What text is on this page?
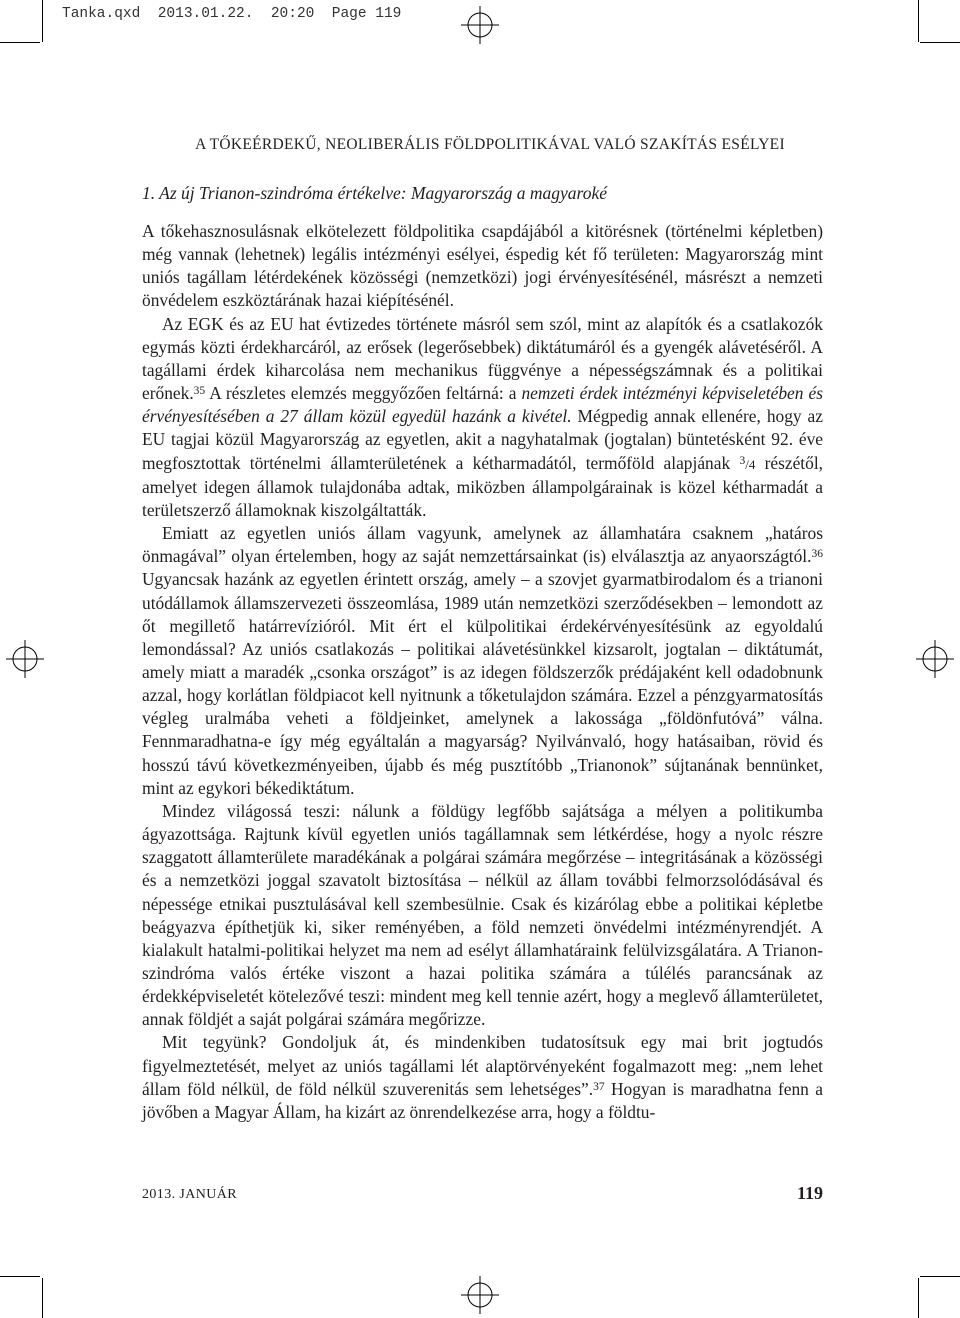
Tanka.qxd  2013.01.22.  20:20  Page 119
A TŐKEÉRDEKŰ, NEOLIBERÁLIS FÖLDPOLITIKÁVAL VALÓ SZAKÍTÁS ESÉLYEI
1. Az új Trianon-szindróma értékelve: Magyarország a magyaroké

A tőkehasznosulásnak elkötelezett földpolitika csapdájából a kitörésnek (történelmi képletben) még vannak (lehetnek) legális intézményi esélyei, éspedig két fő területen: Magyarország mint uniós tagállam létérdekének közösségi (nemzetközi) jogi érvényesítésénél, másrészt a nemzeti önvédelem eszköztárának hazai kiépítésénél.

Az EGK és az EU hat évtizedes története másról sem szól, mint az alapítók és a csatlakozók egymás közti érdekharcáról, az erősek (legerősebbek) diktátumáról és a gyengék alávetéséről. A tagállami érdek kiharcolása nem mechanikus függvénye a népességszámnak és a politikai erőnek.$^{35}$ A részletes elemzés meggyőzően feltárná: a nemzeti érdek intézményi képviseletében és érvényesítésében a 27 állam közül egyedül hazánk a kivétel. Mégpedig annak ellenére, hogy az EU tagjai közül Magyarország az egyetlen, akit a nagyhatalmak (jogtalan) büntetésként 92. éve megfosztottak történelmi államterületének a kétharmadától, termőföld alapjának $^3$/4 részétől, amelyet idegen államok tulajdonába adtak, miközben állampolgárainak is közel kétharmadát a területszerző államoknak kiszolgáltatták.

Emiatt az egyetlen uniós állam vagyunk, amelynek az államhatára csaknem „határos önmagával” olyan értelemben, hogy az saját nemzettársainkat (is) elválasztja az anyaországtól.$^{36}$ Ugyancsak hazánk az egyetlen érintett ország, amely – a szovjet gyarmatbirodalom és a trianoni utódállamok államszervezeti összeomlása, 1989 után nemzetközi szerződésekben – lemondott az őt megillető határrevízióról. Mit ért el külpolitikai érdekérvényesítésünk az egyoldalú lemondással? Az uniós csatlakozás – politikai alávetésünkkel kizsarolt, jogtalan – diktátumát, amely miatt a maradék „csonka országot” is az idegen földszerzők prédájaként kell odadobnunk azzal, hogy korlátlan földpiacot kell nyitnunk a tőketulajdon számára. Ezzel a pénzgyarmatosítás végleg uralmába veheti a földjeinket, amelynek a lakossága „földönfutóvá” válna. Fennmaradhatna-e így még egyáltalán a magyarság? Nyilvánvaló, hogy hatásaiban, rövid és hosszú távú következményeiben, újabb és még pusztítóbb „Trianonok” sújtanának bennünket, mint az egykori békediktátum.

Mindez világossá teszi: nálunk a földügy legfőbb sajátsága a mélyen a politikumba ágyazottsága. Rajtunk kívül egyetlen uniós tagállamnak sem létkérdése, hogy a nyolc részre szaggatott államterülete maradékának a polgárai számára megőrzése – integritásának a közösségi és a nemzetközi joggal szavatolt biztosítása – nélkül az állam további felmorzsolódásával és népessége etnikai pusztulásával kell szembesülnie. Csak és kizárólag ebbe a politikai képletbe beágyazva építhetjük ki, siker reményében, a föld nemzeti önvédelmi intézményrendjét. A kialakult hatalmi-politikai helyzet ma nem ad esélyt államhatáraink felülvizsgálatára. A Trianon-szindróma valós értéke viszont a hazai politika számára a túlélés parancsának az érdekképviseletét kötelezővé teszi: mindent meg kell tennie azért, hogy a meglevő államterületet, annak földjét a saját polgárai számára megőrizze.

Mit tegyünk? Gondoljuk át, és mindenkiben tudatosítsuk egy mai brit jogtudós figyelmeztetését, melyet az uniós tagállami lét alaptörvényeként fogalmazott meg: „nem lehet állam föld nélkül, de föld nélkül szuverenitás sem lehetséges”.$^{37}$ Hogyan is maradhatna fenn a jövőben a Magyar Állam, ha kizárt az önrendelkezése arra, hogy a földtu-

2013. JANUÁR	119
